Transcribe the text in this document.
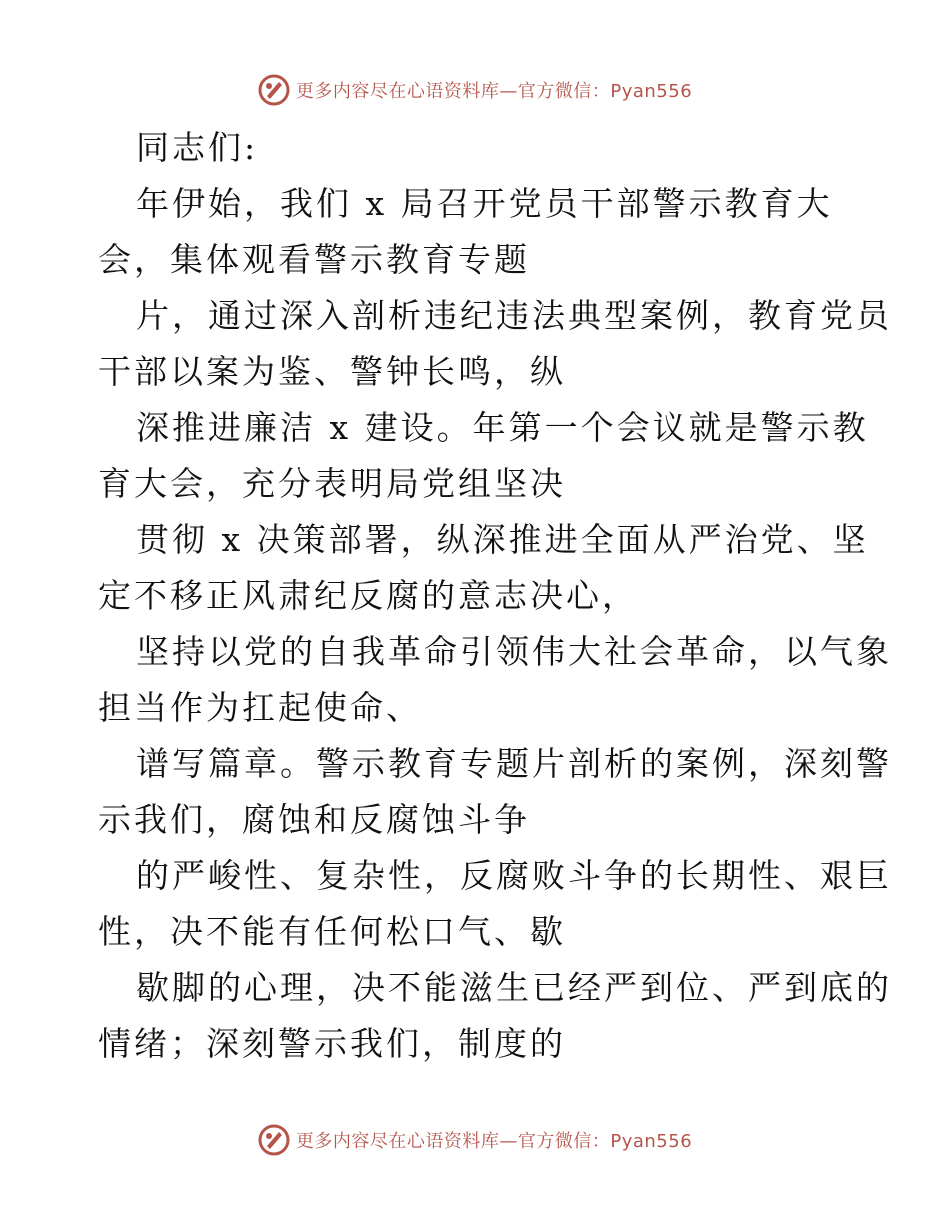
更多内容尽在心语资料库—官方微信：Pyan556
同志们:
年伊始，我们 x 局召开党员干部警示教育大
会，集体观看警示教育专题
片，通过深入剖析违纪违法典型案例，教育党员
干部以案为鉴、警钟长鸣，纵
深推进廉洁 x 建设。年第一个会议就是警示教
育大会，充分表明局党组坚决
贯彻 x 决策部署，纵深推进全面从严治党、坚
定不移正风肃纪反腐的意志决心，
坚持以党的自我革命引领伟大社会革命，以气象
担当作为扛起使命、
谱写篇章。警示教育专题片剖析的案例，深刻警
示我们，腐蚀和反腐蚀斗争
的严峻性、复杂性，反腐败斗争的长期性、艰巨
性，决不能有任何松口气、歇
歇脚的心理，决不能滋生已经严到位、严到底的
情绪；深刻警示我们，制度的
更多内容尽在心语资料库—官方微信：Pyan556
